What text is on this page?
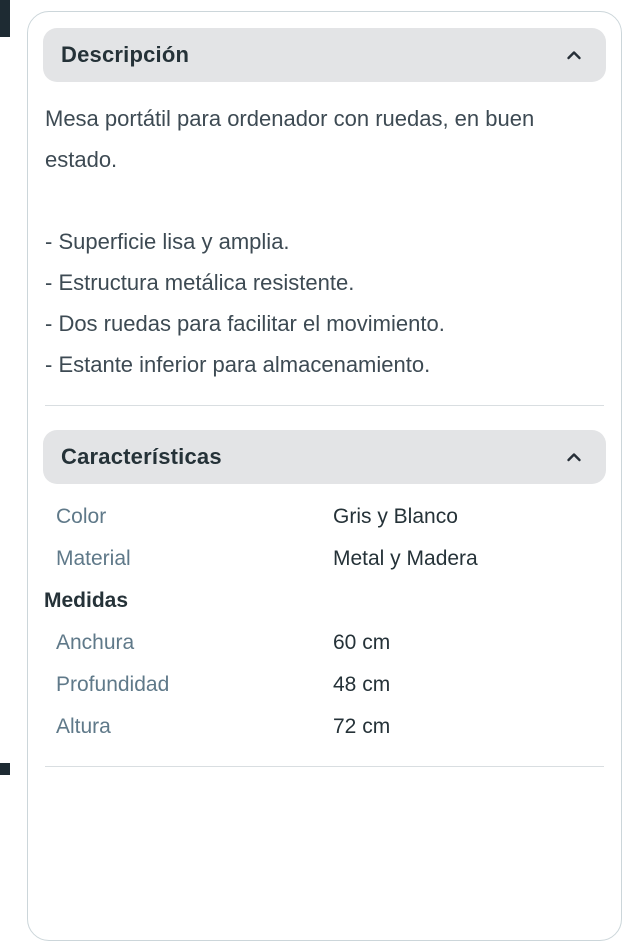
Descripción
Mesa portátil para ordenador con ruedas, en buen estado.
- Superficie lisa y amplia.
- Estructura metálica resistente.
- Dos ruedas para facilitar el movimiento.
- Estante inferior para almacenamiento.
Características
Color	Gris y Blanco
Material	Metal y Madera
Medidas
Anchura	60 cm
Profundidad	48 cm
Altura	72 cm
